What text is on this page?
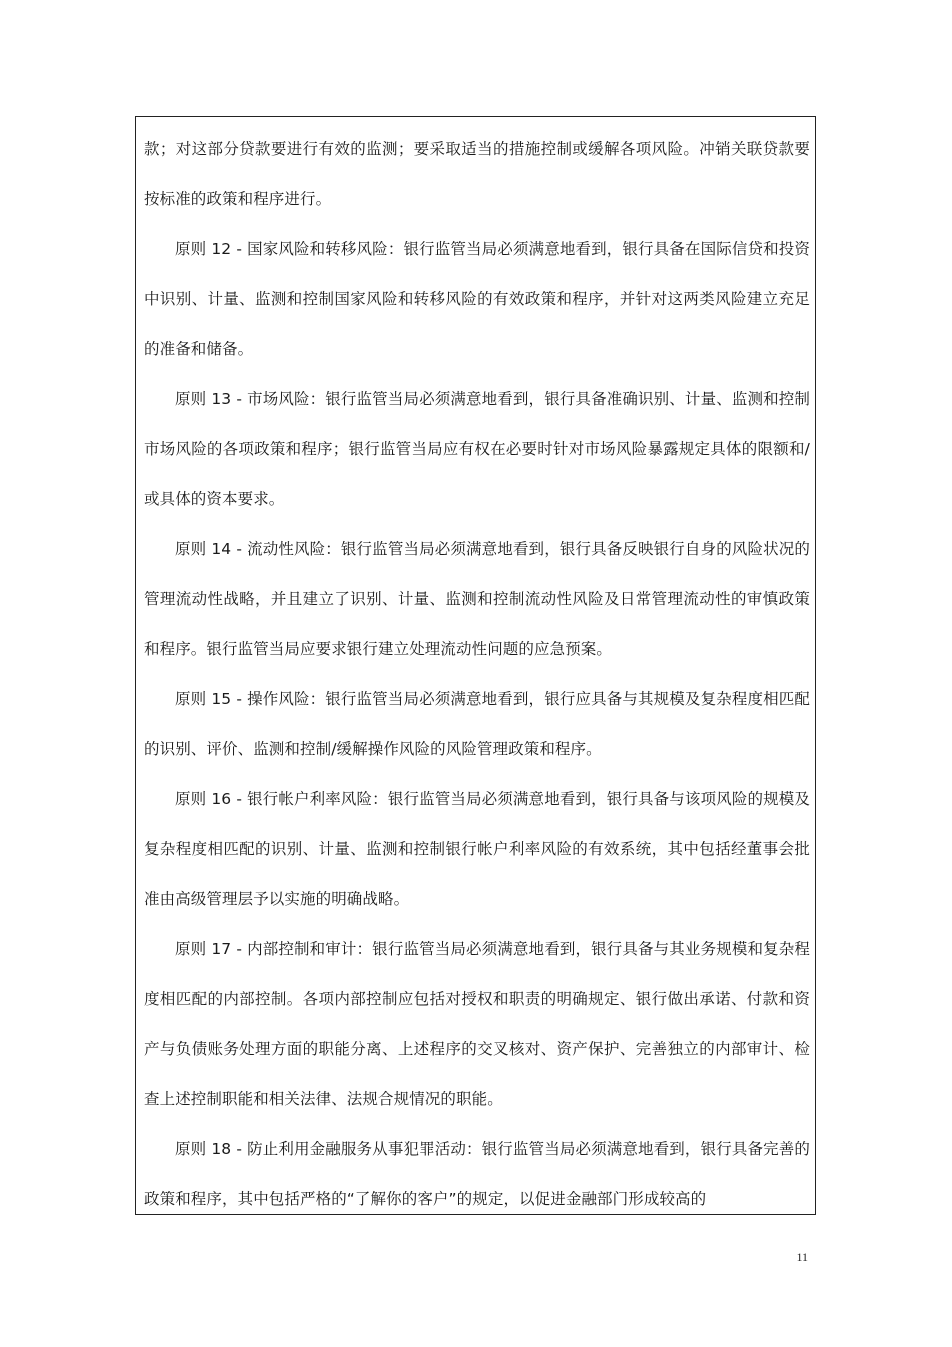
款；对这部分贷款要进行有效的监测；要采取适当的措施控制或缓解各项风险。冲销关联贷款要按标准的政策和程序进行。

原则 12 - 国家风险和转移风险：银行监管当局必须满意地看到，银行具备在国际信贷和投资中识别、计量、监测和控制国家风险和转移风险的有效政策和程序，并针对这两类风险建立充足的准备和储备。

原则 13 - 市场风险：银行监管当局必须满意地看到，银行具备准确识别、计量、监测和控制市场风险的各项政策和程序；银行监管当局应有权在必要时针对市场风险暴露规定具体的限额和/或具体的资本要求。

原则 14 - 流动性风险：银行监管当局必须满意地看到，银行具备反映银行自身的风险状况的管理流动性战略，并且建立了识别、计量、监测和控制流动性风险及日常管理流动性的审慎政策和程序。银行监管当局应要求银行建立处理流动性问题的应急预案。

原则 15 - 操作风险：银行监管当局必须满意地看到，银行应具备与其规模及复杂程度相匹配的识别、评价、监测和控制/缓解操作风险的风险管理政策和程序。

原则 16 - 银行帐户利率风险：银行监管当局必须满意地看到，银行具备与该项风险的规模及复杂程度相匹配的识别、计量、监测和控制银行帐户利率风险的有效系统，其中包括经董事会批准由高级管理层予以实施的明确战略。

原则 17 - 内部控制和审计：银行监管当局必须满意地看到，银行具备与其业务规模和复杂程度相匹配的内部控制。各项内部控制应包括对授权和职责的明确规定、银行做出承诺、付款和资产与负债账务处理方面的职能分离、上述程序的交叉核对、资产保护、完善独立的内部审计、检查上述控制职能和相关法律、法规合规情况的职能。

原则 18 - 防止利用金融服务从事犯罪活动：银行监管当局必须满意地看到，银行具备完善的政策和程序，其中包括严格的“了解你的客户”的规定，以促进金融部门形成较高的

11
